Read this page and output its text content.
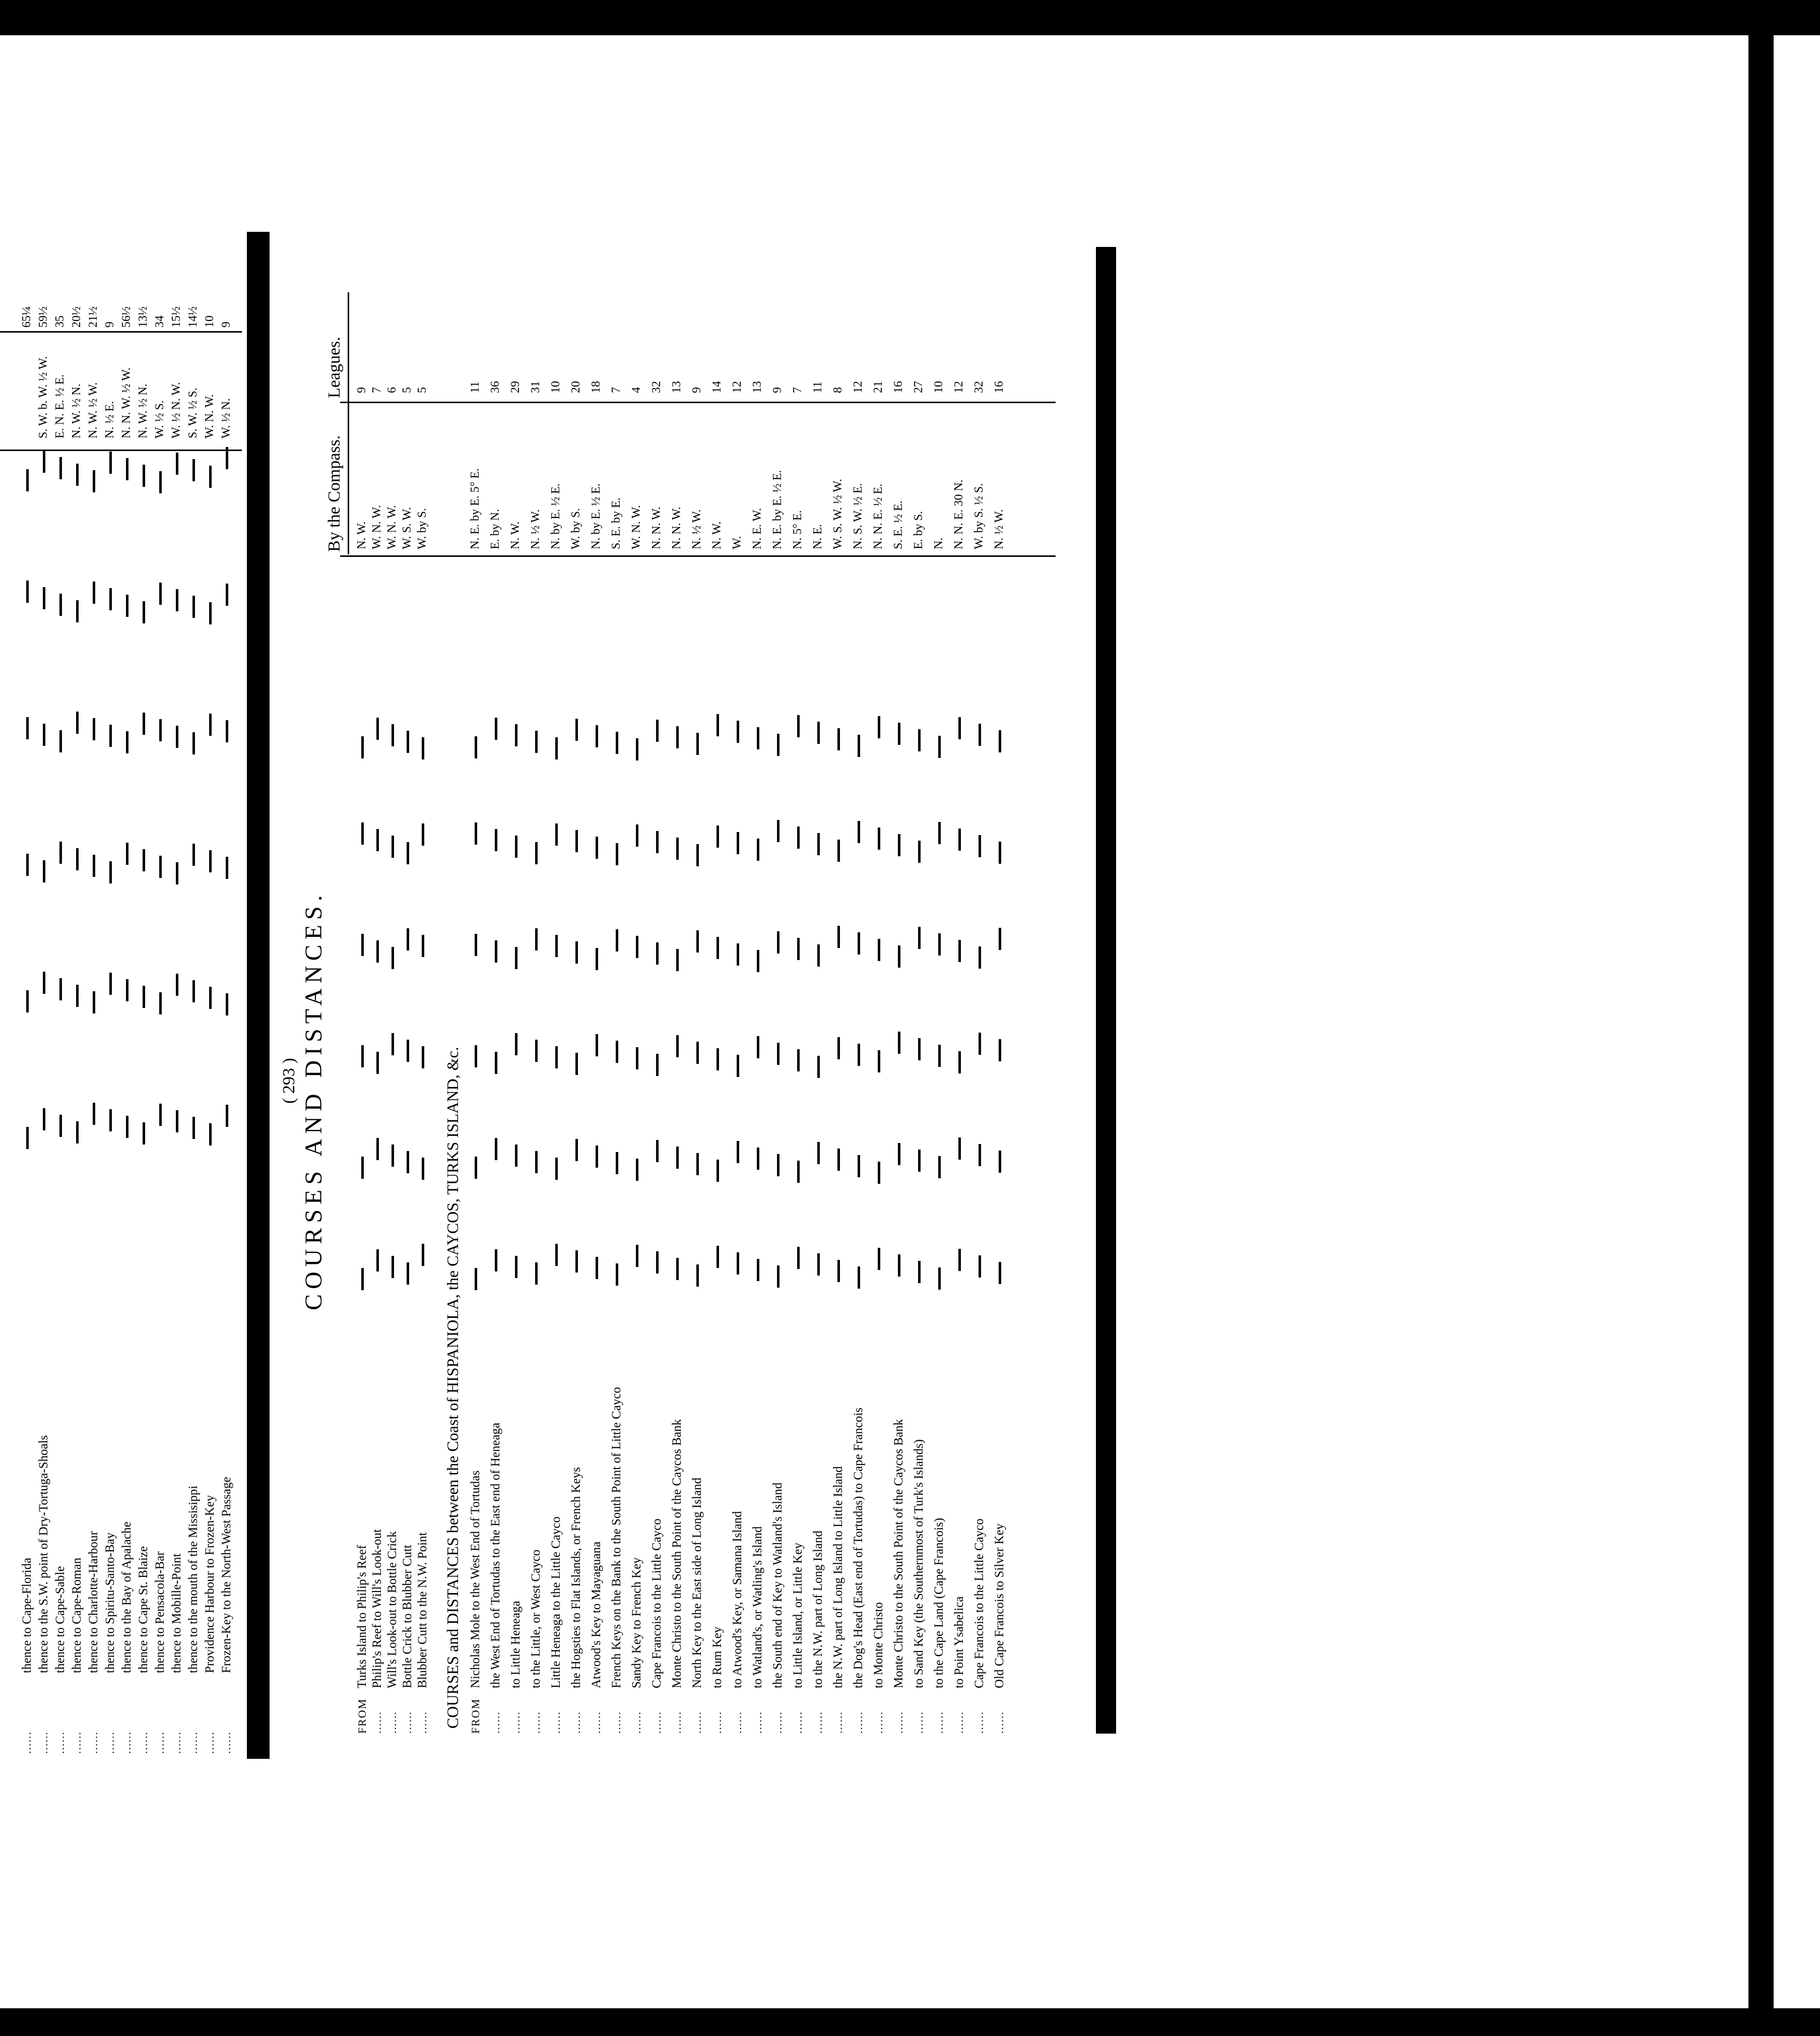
......
thence to Cape-Florida
65¼
......
thence to the S.W. point of Dry-Tortuga-Shoals
S. W. b. W. ½ W.
59½
......
thence to Cape-Sable
E. N. E. ½ E.
35
......
thence to Cape-Roman
N. W. ½ N.
20½
......
thence to Charlotte-Harbour
N. W. ½ W.
21½
......
thence to Spiritu-Santo-Bay
N. ½ E.
9
......
thence to the Bay of Apalache
N. N. W. ½ W.
56½
......
thence to Cape St. Blaize
N. W. ½ N.
13½
......
thence to Pensacola-Bar
W. ½ S.
34
......
thence to Mobille-Point
W. ½ N. W.
15½
......
thence to the mouth of the Missisippi
S. W. ½ S.
14½
......
Providence Harbour to Frozen-Key
W. N. W.
10
......
Frozen-Key to the North-West Passage
W. ½ N.
9
( 293 ) COURSES AND DISTANCES.
By the Compass.
Leagues.
COURSES and DISTANCES between the Coast of HISPANIOLA, the CAYCOS, TURKS ISLAND, &c.
FROM
Turks Island to Philip's Reef
N. W.
9
......
Philip's Reef to Will's Look-out
W. N. W.
7
......
Will's Look-out to Bottle Crick
W. N. W.
6
......
Bottle Crick to Blubber Cutt
W. S. W.
5
......
Blubber Cutt to the N.W. Point
W. by S.
5
FROM
Nicholas Mole to the West End of Tortudas
N. E. by E. 5° E.
11
......
the West End of Tortudas to the East end of Heneaga
E. by N.
36
......
to Little Heneaga
N. W.
29
......
to the Little, or West Cayco
N. ½ W.
31
......
Little Heneaga to the Little Cayco
N. by E. ½ E.
10
......
the Hogsties to Flat Islands, or French Keys
W. by S.
20
......
Atwood's Key to Mayaguana
N. by E. ½ E.
18
......
French Keys on the Bank to the South Point of Little Cayco
S. E. by E.
7
......
Sandy Key to French Key
W. N. W.
4
......
Cape Francois to the Little Cayco
N. N. W.
32
......
Monte Christo to the South Point of the Caycos Bank
N. N. W.
13
......
North Key to the East side of Long Island
N. ½ W.
9
......
to Rum Key
N. W.
14
......
to Atwood's Key, or Samana Island
W.
12
......
to Watland's, or Watling's Island
N. E. W.
13
......
the South end of Key to Watland's Island
N. E. by E. ½ E.
9
......
to Little Island, or Little Key
N. 5° E.
7
......
to the N.W. part of Long Island
N. E.
11
......
the N.W. part of Long Island to Little Island
W. S. W. ½ W.
8
......
the Dog's Head (East end of Tortudas) to Cape Francois
N. S. W. ½ E.
12
......
to Monte Christo
N. N. E. ½ E.
21
......
Monte Christo to the South Point of the Caycos Bank
S. E. ½ E.
16
......
to Sand Key (the Southernmost of Turk's Islands)
E. by S.
27
......
to the Cape Land (Cape Francois)
N.
10
......
to Point Ysabelica
N. N. E. 30 N.
12
......
Cape Francois to the Little Cayco
W. by S. ½ S.
32
......
Old Cape Francois to Silver Key
N. ½ W.
16
